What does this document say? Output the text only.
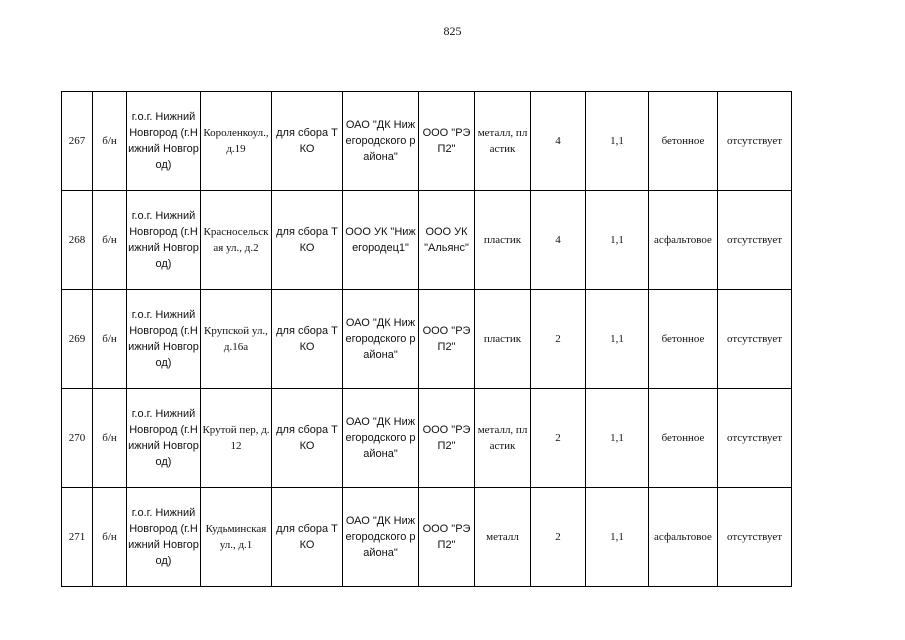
825
267	б/н	г.о.г. Нижний Новгород (г.Нижний Новгород)	Короленкоул., д.19	для сбора ТКО	ОАО "ДК Нижегородского района"	ООО "РЭП2"	металл, пластик	4	1,1	бетонное	отсутствует
268	б/н	г.о.г. Нижний Новгород (г.Нижний Новгород)	Красносельская ул., д.2	для сбора ТКО	ООО УК "Нижегородец1"	ООО УК "Альянс"	пластик	4	1,1	асфальтовое	отсутствует
269	б/н	г.о.г. Нижний Новгород (г.Нижний Новгород)	Крупской ул., д.16а	для сбора ТКО	ОАО "ДК Нижегородского района"	ООО "РЭП2"	пластик	2	1,1	бетонное	отсутствует
270	б/н	г.о.г. Нижний Новгород (г.Нижний Новгород)	Крутой пер, д.12	для сбора ТКО	ОАО "ДК Нижегородского района"	ООО "РЭП2"	металл, пластик	2	1,1	бетонное	отсутствует
271	б/н	г.о.г. Нижний Новгород (г.Нижний Новгород)	Кудьминская ул., д.1	для сбора ТКО	ОАО "ДК Нижегородского района"	ООО "РЭП2"	металл	2	1,1	асфальтовое	отсутствует
